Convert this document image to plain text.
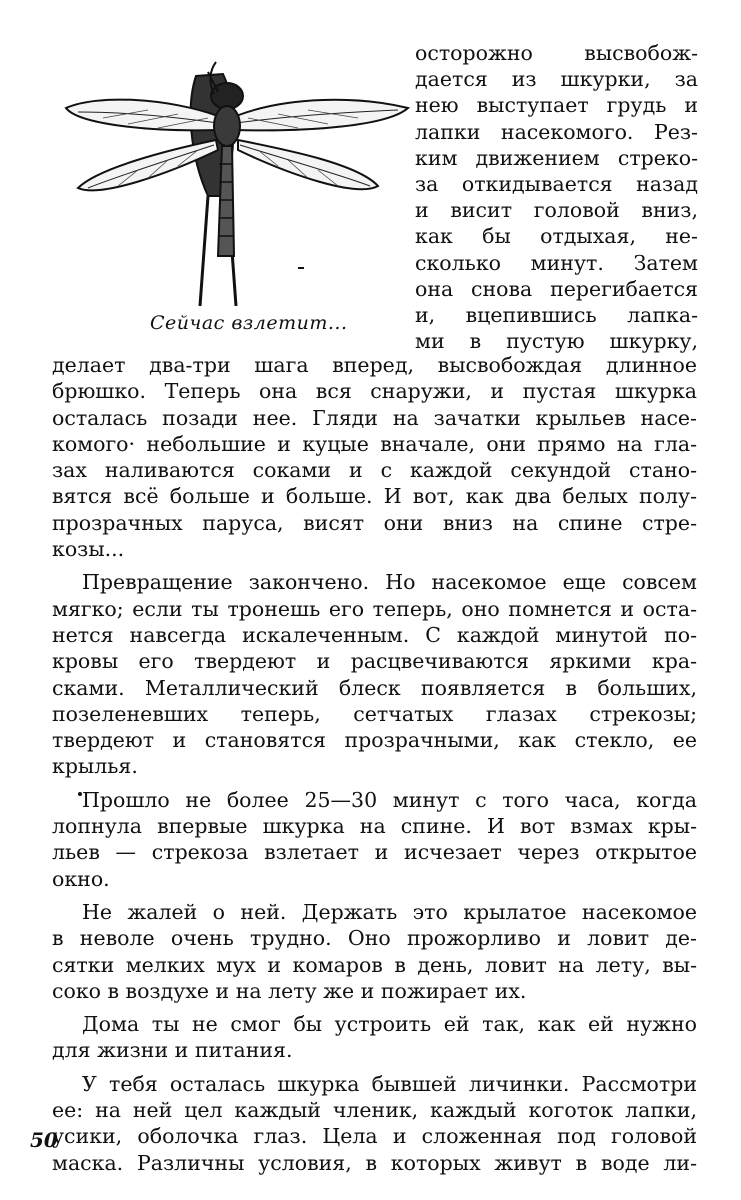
Сейчас взлетит...
осторожно высвобож-
дается из шкурки, за
нею выступает грудь и
лапки насекомого. Рез-
ким движением стреко-
за откидывается назад
и висит головой вниз,
как бы отдыхая, не-
сколько минут. Затем
она снова перегибается
и, вцепившись лапка-
ми в пустую шкурку,
делает два-три шага вперед, высвобождая длинное
брюшко. Теперь она вся снаружи, и пустая шкурка
осталась позади нее. Гляди на зачатки крыльев насе-
комого· небольшие и куцые вначале, они прямо на гла-
зах наливаются соками и с каждой секундой стано-
вятся всё больше и больше. И вот, как два белых полу-
прозрачных паруса, висят они вниз на спине стре-
козы...
Превращение закончено. Но насекомое еще совсем
мягко; если ты тронешь его теперь, оно помнется и оста-
нется навсегда искалеченным. С каждой минутой по-
кровы его твердеют и расцвечиваются яркими кра-
сками. Металлический блеск появляется в больших,
позеленевших теперь, сетчатых глазах стрекозы;
твердеют и становятся прозрачными, как стекло, ее
крылья.
Прошло не более 25—30 минут с того часа, когда
лопнула впервые шкурка на спине. И вот взмах кры-
льев — стрекоза взлетает и исчезает через открытое
окно.
Не жалей о ней. Держать это крылатое насекомое
в неволе очень трудно. Оно прожорливо и ловит де-
сятки мелких мух и комаров в день, ловит на лету, вы-
соко в воздухе и на лету же и пожирает их.
Дома ты не смог бы устроить ей так, как ей нужно
для жизни и питания.
У тебя осталась шкурка бывшей личинки. Рассмотри
ее: на ней цел каждый члeник, каждый коготок лапки,
усики, оболочка глаз. Цела и сложенная под головой
маска. Различны условия, в которых живут в воде ли-
50
